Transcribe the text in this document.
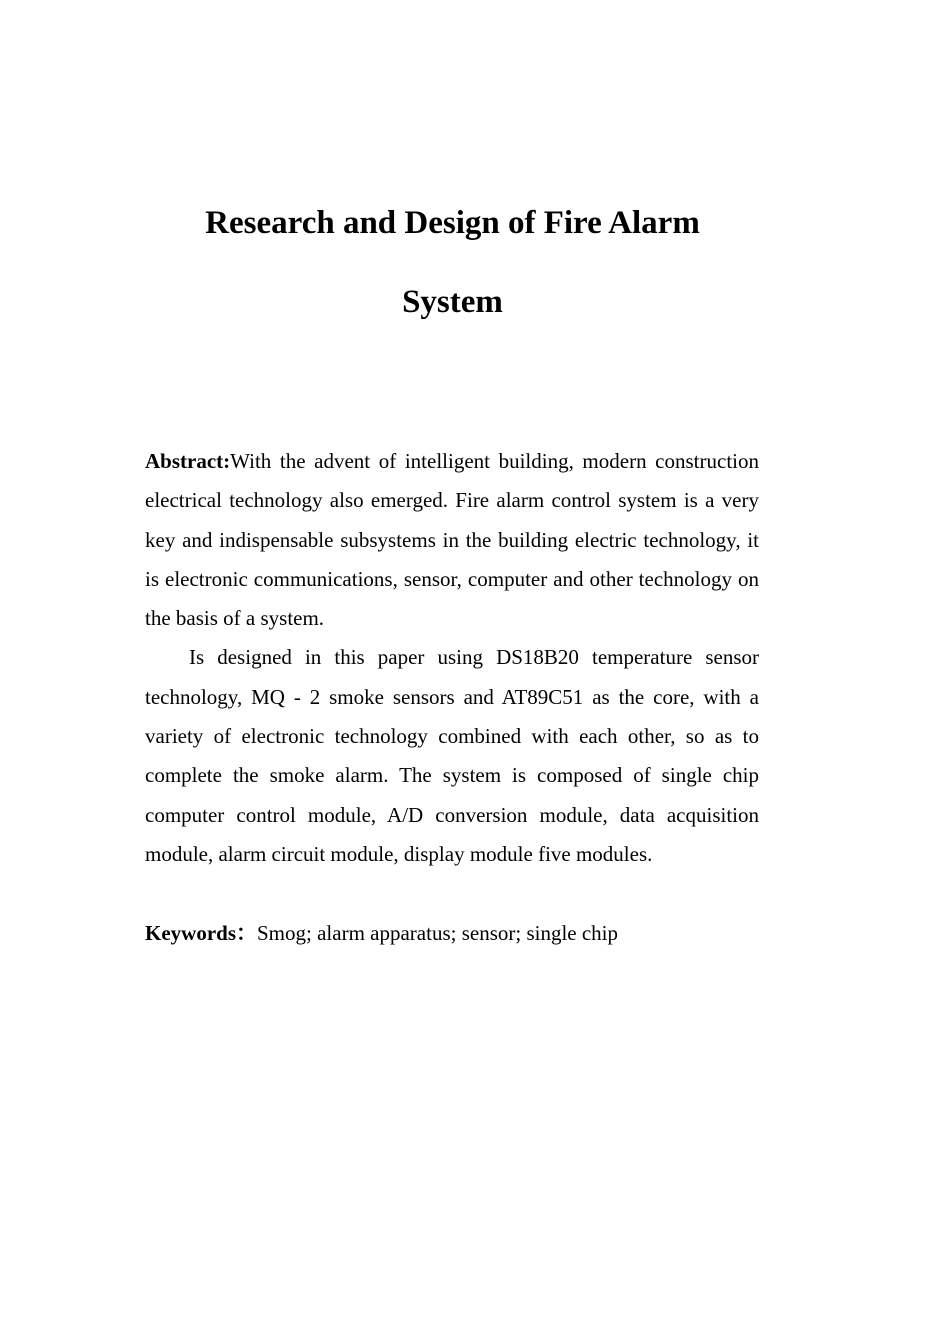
Research and Design of Fire Alarm
System

Abstract:With the advent of intelligent building, modern construction electrical technology also emerged. Fire alarm control system is a very key and indispensable subsystems in the building electric technology, it is electronic communications, sensor, computer and other technology on the basis of a system.

Is designed in this paper using DS18B20 temperature sensor technology, MQ - 2 smoke sensors and AT89C51 as the core, with a variety of electronic technology combined with each other, so as to complete the smoke alarm. The system is composed of single chip computer control module, A/D conversion module, data acquisition module, alarm circuit module, display module five modules.

Keywords：Smog; alarm apparatus; sensor; single chip
